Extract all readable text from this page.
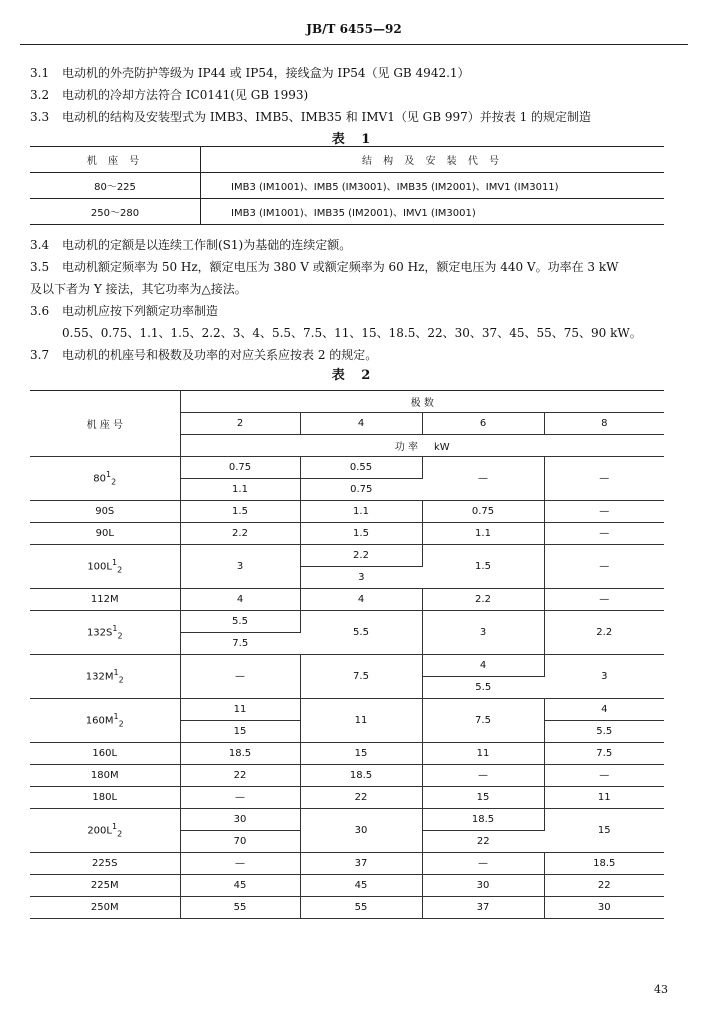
JB/T 6455—92
3.1 电动机的外壳防护等级为 IP44 或 IP54，接线盒为 IP54（见 GB 4942.1）
3.2 电动机的冷却方法符合 IC0141(见 GB 1993)
3.3 电动机的结构及安装型式为 IMB3、IMB5、IMB35 和 IMV1（见 GB 997）并按表 1 的规定制造
表 1
机 座 号	结 构 及 安 装 代 号
80～225	IMB3 (IM1001)、IMB5 (IM3001)、IMB35 (IM2001)、IMV1 (IM3011)
250～280	IMB3 (IM1001)、IMB35 (IM2001)、IMV1 (IM3001)
3.4 电动机的定额是以连续工作制(S1)为基础的连续定额。
3.5 电动机额定频率为 50 Hz，额定电压为 380 V 或额定频率为 60 Hz，额定电压为 440 V。功率在 3 kW
及以下者为 Y 接法，其它功率为△接法。
3.6 电动机应按下列额定功率制造
0.55、0.75、1.1、1.5、2.2、3、4、5.5、7.5、11、15、18.5、22、30、37、45、55、75、90 kW。
3.7 电动机的机座号和极数及功率的对应关系应按表 2 的规定。
表 2
机 座 号	极 数			
	2	4	6	8
	功 率 kW			
$80^1_2$	0.75	0.55	—	—
	1.1	0.75		
90S	1.5	1.1	0.75	—
90L	2.2	1.5	1.1	—
$100L^1_2$	3	2.2	1.5	—
		3		
112M	4	4	2.2	—
$132S^1_2$	5.5	5.5	3	2.2
	7.5			
$132M^1_2$	—	7.5	4	3
			5.5	
$160M^1_2$	11	11	7.5	4
	15			5.5
160L	18.5	15	11	7.5
180M	22	18.5	—	—
180L	—	22	15	11
$200L^1_2$	30	30	18.5	15
	70		22	
225S	—	37	—	18.5
225M	45	45	30	22
250M	55	55	37	30
43
